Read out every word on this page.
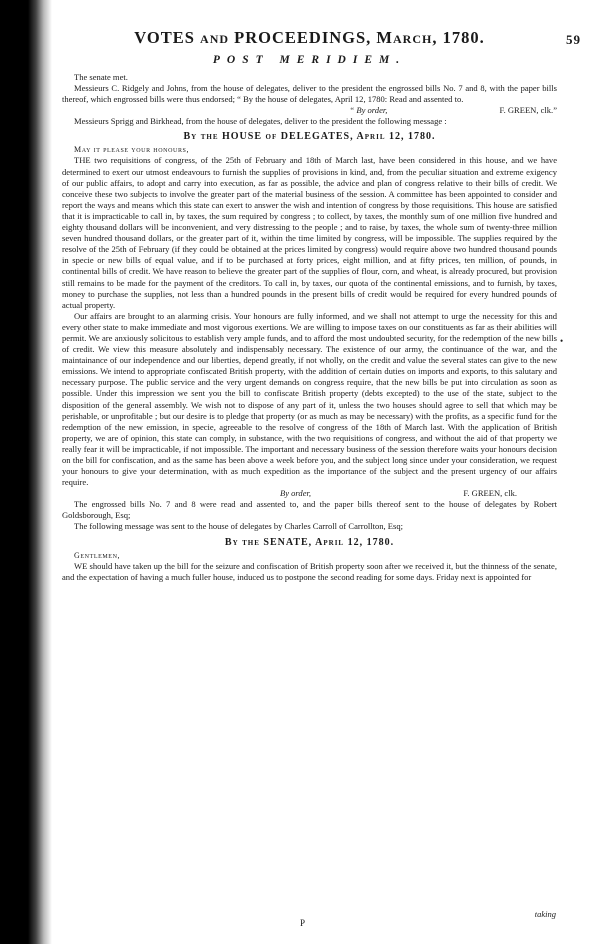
VOTES and PROCEEDINGS, March, 1780.	59
POST MERIDIEM.

The senate met.

Messieurs C. Ridgely and Johns, from the house of delegates, deliver to the president the engrossed bills No. 7 and 8, with the paper bills thereof, which engrossed bills were thus endorsed; “ By the house of delegates, April 12, 1780: Read and assented to.

“ By order,	F. GREEN, clk.”

Messieurs Sprigg and Birkhead, from the house of delegates, deliver to the president the following message :

By the HOUSE of DELEGATES, April 12, 1780.
May it please your honours,

THE two requisitions of congress, of the 25th of February and 18th of March last, have been considered in this house, and we have determined to exert our utmost endeavours to furnish the supplies of provisions in kind, and, from the peculiar situation and extreme exigency of our public affairs, to adopt and carry into execution, as far as possible, the advice and plan of congress relative to their bills of credit. We conceive these two subjects to involve the greater part of the material business of the session. A committee has been appointed to consider and report the ways and means which this state can exert to answer the wish and intention of congress by those requisitions. This house are satisfied that it is impracticable to call in, by taxes, the sum required by congress ; to collect, by taxes, the monthly sum of one million five hundred and eighty thousand dollars will be inconvenient, and very distressing to the people ; and to raise, by taxes, the whole sum of twenty-three million seven hundred thousand dollars, or the greater part of it, within the time limited by congress, will be impossible. The supplies required by the resolve of the 25th of February (if they could be obtained at the prices limited by congress) would require above two hundred thousand pounds in specie or new bills of equal value, and if to be purchased at forty prices, eight million, and at fifty prices, ten million, of pounds, in continental bills of credit. We have reason to believe the greater part of the supplies of flour, corn, and wheat, is already procured, but provision still remains to be made for the payment of the creditors. To call in, by taxes, our quota of the continental emissions, and to furnish, by taxes, money to purchase the supplies, not less than a hundred pounds in the present bills of credit would be required for every hundred pounds of actual property.

Our affairs are brought to an alarming crisis. Your honours are fully informed, and we shall not attempt to urge the necessity for this and every other state to make immediate and most vigorous exertions. We are willing to impose taxes on our constituents as far as their abilities will permit. We are anxiously solicitous to establish very ample funds, and to afford the most undoubted security, for the redemption of the new bills of credit. We view this measure absolutely and indispensably necessary. The existence of our army, the continuance of the war, and the maintainance of our independence and our liberties, depend greatly, if not wholly, on the credit and value the several states can give to the new emissions. We intend to appropriate confiscated British property, with the addition of certain duties on imports and exports, to this salutary and necessary purpose. The public service and the very urgent demands on congress require, that the new bills be put into circulation as soon as possible. Under this impression we sent you the bill to confiscate British property (debts excepted) to the use of the state, subject to the disposition of the general assembly. We wish not to dispose of any part of it, unless the two houses should agree to sell that which may be perishable, or unprofitable ; but our desire is to pledge that property (or as much as may be necessary) with the profits, as a specific fund for the redemption of the new emission, in specie, agreeable to the resolve of congress of the 18th of March last. With the application of British property, we are of opinion, this state can comply, in substance, with the two requisitions of congress, and without the aid of that property we really fear it will be impracticable, if not impossible. The important and necessary business of the session therefore waits your honours decision on the bill for confiscation, and as the same has been above a week before you, and the subject long since under your consideration, we request your honours to give your determination, with as much expedition as the importance of the subject and the present urgency of our affairs require.

By order,	F. GREEN, clk.

The engrossed bills No. 7 and 8 were read and assented to, and the paper bills thereof sent to the house of delegates by Robert Goldsborough, Esq;

The following message was sent to the house of delegates by Charles Carroll of Carrollton, Esq;

By the SENATE, April 12, 1780.
Gentlemen,

WE should have taken up the bill for the seizure and confiscation of British property soon after we received it, but the thinness of the senate, and the expectation of having a much fuller house, induced us to postpone the second reading for some days. Friday next is appointed for

•
P
taking
